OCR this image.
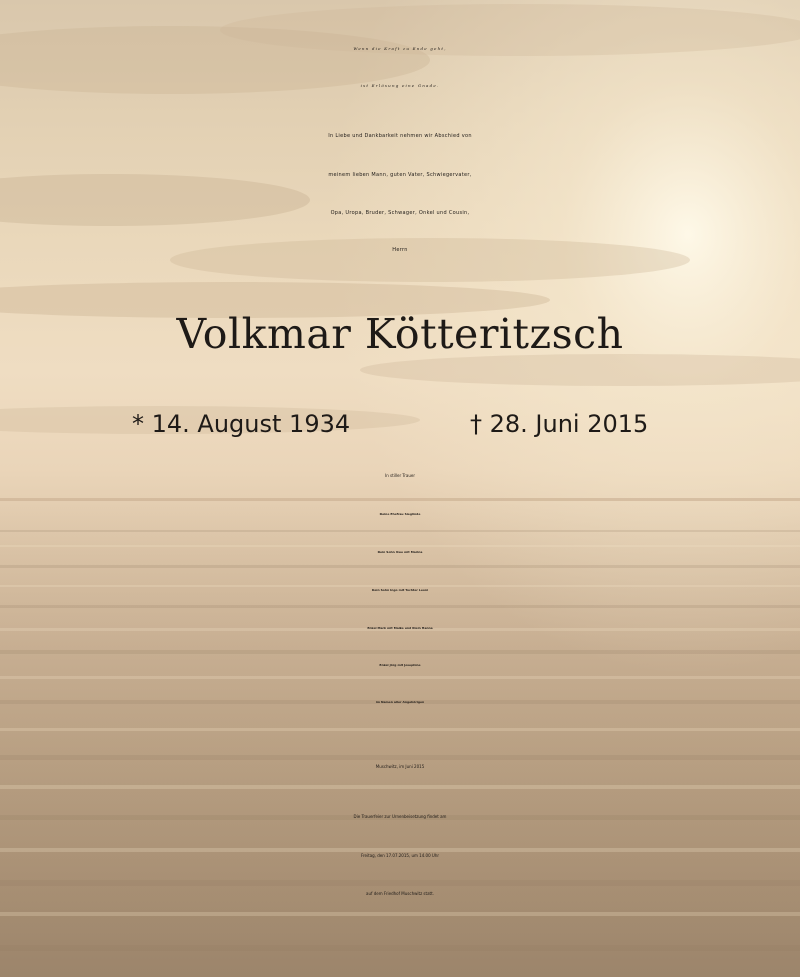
Wenn die Kraft zu Ende geht,
ist Erlösung eine Gnade.
In Liebe und Dankbarkeit nehmen wir Abschied von
meinem lieben Mann, guten Vater, Schwiegervater,
Opa, Uropa, Bruder, Schwager, Onkel und Cousin,
Herrn
Volkmar Kötteritzsch
* 14. August 1934	† 28. Juni 2015
In stiller Trauer
Deine Ehefrau Sieglinde
Dein Sohn Uwe mit Marina
Dein Sohn Ingo mit Tochter Leoni
Enkel Mark mit Maike und Klein Hanna
Enkel Jörg mit Josephine
im Namen aller Angehörigen
Muschwitz, im Juni 2015
Die Trauerfeier zur Urnenbeisetzung findet am
Freitag, den 17.07.2015, um 14.00 Uhr
auf dem Friedhof Muschwitz statt.
